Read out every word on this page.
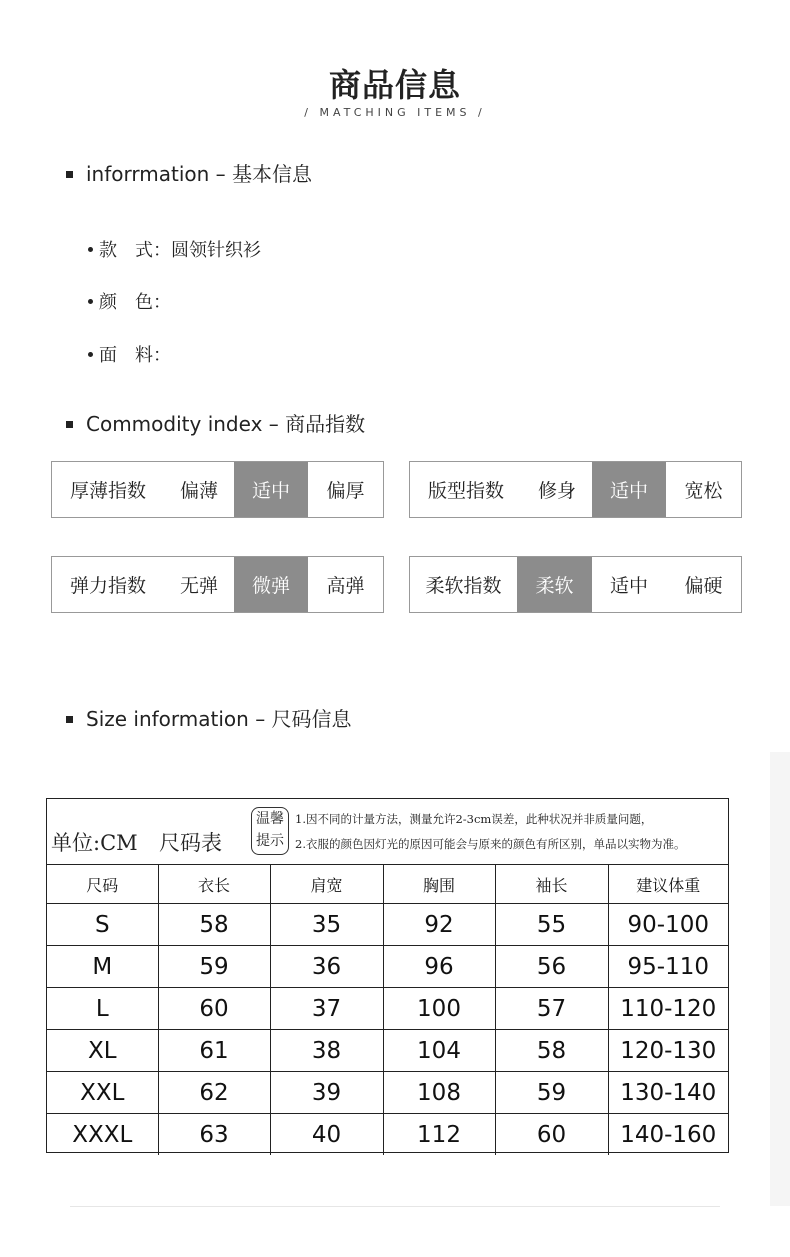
商品信息
/ MATCHING ITEMS /
inforrmation – 基本信息
款　式： 圆领针织衫
颜　色：
面　料：
Commodity index – 商品指数
厚薄指数	偏薄	适中	偏厚	版型指数	修身	适中	宽松
弹力指数	无弹	微弹	高弹	柔软指数	柔软	适中	偏硬
Size information – 尺码信息
单位:CM 尺码表
温馨
提示
1.因不同的计量方法，测量允许2-3cm误差，此种状况并非质量问题，
2.衣服的颜色因灯光的原因可能会与原来的颜色有所区别，单品以实物为准。
尺码	衣长	肩宽	胸围	袖长	建议体重
S	58	35	92	55	90-100
M	59	36	96	56	95-110
L	60	37	100	57	110-120
XL	61	38	104	58	120-130
XXL	62	39	108	59	130-140
XXXL	63	40	112	60	140-160
